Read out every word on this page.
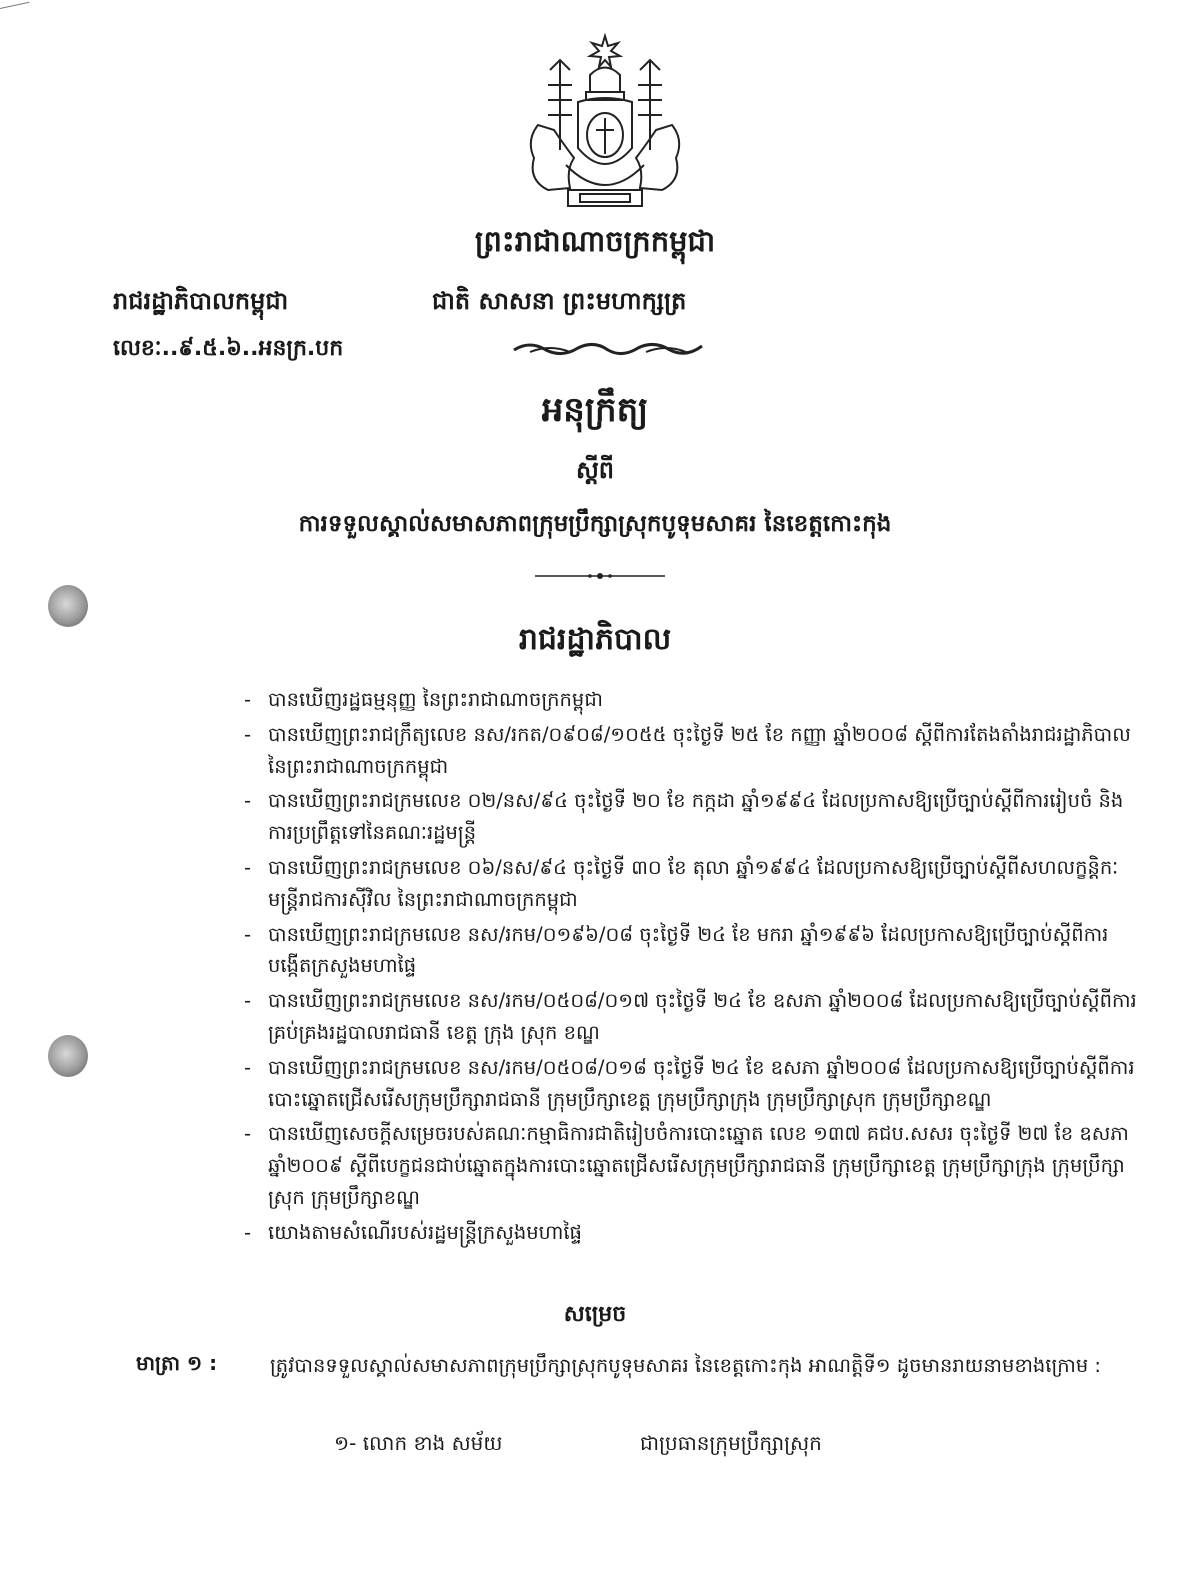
ព្រះរាជាណាចក្រកម្ពុជា
រាជរដ្ឋាភិបាលកម្ពុជា	ជាតិ សាសនា ព្រះមហាក្សត្រ
លេខៈ..៩.៥.៦..អនក្រ.បក
អនុក្រឹត្យ
ស្តីពី
ការទទួលស្គាល់សមាសភាពក្រុមប្រឹក្សាស្រុកបូទុមសាគរ នៃខេត្តកោះកុង
រាជរដ្ឋាភិបាល
- បានឃើញរដ្ឋធម្មនុញ្ញ នៃព្រះរាជាណាចក្រកម្ពុជា
- បានឃើញព្រះរាជក្រឹត្យលេខ នស/រកត/០៩០៨/១០៥៥ ចុះថ្ងៃទី ២៥ ខែ កញ្ញា ឆ្នាំ២០០៨ ស្តីពីការតែងតាំងរាជរដ្ឋាភិបាល នៃព្រះរាជាណាចក្រកម្ពុជា
- បានឃើញព្រះរាជក្រមលេខ ០២/នស/៩៤ ចុះថ្ងៃទី ២០ ខែ កក្កដា ឆ្នាំ១៩៩៤ ដែលប្រកាសឱ្យប្រើច្បាប់ស្តីពីការរៀបចំ និងការប្រព្រឹត្តទៅនៃគណៈរដ្ឋមន្ត្រី
- បានឃើញព្រះរាជក្រមលេខ ០៦/នស/៩៤ ចុះថ្ងៃទី ៣០ ខែ តុលា ឆ្នាំ១៩៩៤ ដែលប្រកាសឱ្យប្រើច្បាប់ស្តីពីសហលក្ខន្តិកៈមន្ត្រីរាជការស៊ីវិល នៃព្រះរាជាណាចក្រកម្ពុជា
- បានឃើញព្រះរាជក្រមលេខ នស/រកម/០១៩៦/០៨ ចុះថ្ងៃទី ២៤ ខែ មករា ឆ្នាំ១៩៩៦ ដែលប្រកាសឱ្យប្រើច្បាប់ស្តីពីការបង្កើតក្រសួងមហាផ្ទៃ
- បានឃើញព្រះរាជក្រមលេខ នស/រកម/០៥០៨/០១៧ ចុះថ្ងៃទី ២៤ ខែ ឧសភា ឆ្នាំ២០០៨ ដែលប្រកាសឱ្យប្រើច្បាប់ស្តីពីការគ្រប់គ្រងរដ្ឋបាលរាជធានី ខេត្ត ក្រុង ស្រុក ខណ្ឌ
- បានឃើញព្រះរាជក្រមលេខ នស/រកម/០៥០៨/០១៨ ចុះថ្ងៃទី ២៤ ខែ ឧសភា ឆ្នាំ២០០៨ ដែលប្រកាសឱ្យប្រើច្បាប់ស្តីពីការបោះឆ្នោតជ្រើសរើសក្រុមប្រឹក្សារាជធានី ក្រុមប្រឹក្សាខេត្ត ក្រុមប្រឹក្សាក្រុង ក្រុមប្រឹក្សាស្រុក ក្រុមប្រឹក្សាខណ្ឌ
- បានឃើញសេចក្តីសម្រេចរបស់គណៈកម្មាធិការជាតិរៀបចំការបោះឆ្នោត លេខ ១៣៧ គជប.សសរ ចុះថ្ងៃទី ២៧ ខែ ឧសភា ឆ្នាំ២០០៩ ស្តីពីបេក្ខជនជាប់ឆ្នោតក្នុងការបោះឆ្នោតជ្រើសរើសក្រុមប្រឹក្សារាជធានី ក្រុមប្រឹក្សាខេត្ត ក្រុមប្រឹក្សាក្រុង ក្រុមប្រឹក្សាស្រុក ក្រុមប្រឹក្សាខណ្ឌ
- យោងតាមសំណើរបស់រដ្ឋមន្ត្រីក្រសួងមហាផ្ទៃ
សម្រេច
មាត្រា ១ :	ត្រូវបានទទួលស្គាល់សមាសភាពក្រុមប្រឹក្សាស្រុកបូទុមសាគរ នៃខេត្តកោះកុង អាណត្តិទី១ ដូចមានរាយនាមខាងក្រោម :
១- លោក ខាង សម័យ	ជាប្រធានក្រុមប្រឹក្សាស្រុក
